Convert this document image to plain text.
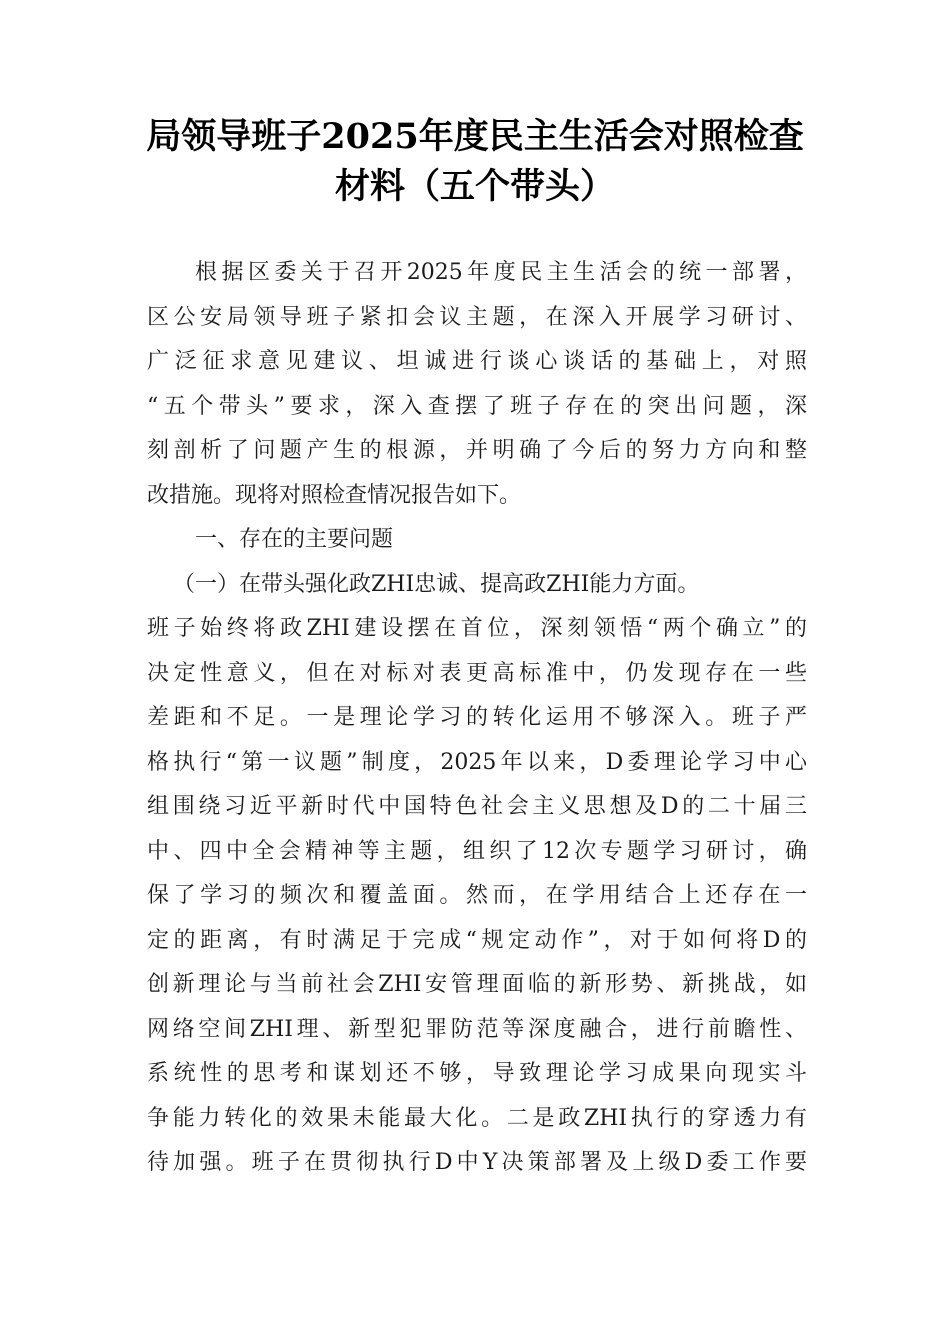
局领导班子2025年度民主生活会对照检查
材料（五个带头）
根据区委关于召开2025年度民主生活会的统一部署，
区公安局领导班子紧扣会议主题，在深入开展学习研讨、
广泛征求意见建议、坦诚进行谈心谈话的基础上，对照
“五个带头”要求，深入查摆了班子存在的突出问题，深
刻剖析了问题产生的根源，并明确了今后的努力方向和整
改措施。现将对照检查情况报告如下。
一、存在的主要问题
（一）在带头强化政ZHI忠诚、提高政ZHI能力方面。
班子始终将政ZHI建设摆在首位，深刻领悟“两个确立”的
决定性意义，但在对标对表更高标准中，仍发现存在一些
差距和不足。一是理论学习的转化运用不够深入。班子严
格执行“第一议题”制度，2025年以来，D委理论学习中心
组围绕习近平新时代中国特色社会主义思想及D的二十届三
中、四中全会精神等主题，组织了12次专题学习研讨，确
保了学习的频次和覆盖面。然而，在学用结合上还存在一
定的距离，有时满足于完成“规定动作”，对于如何将D的
创新理论与当前社会ZHI安管理面临的新形势、新挑战，如
网络空间ZHI理、新型犯罪防范等深度融合，进行前瞻性、
系统性的思考和谋划还不够，导致理论学习成果向现实斗
争能力转化的效果未能最大化。二是政ZHI执行的穿透力有
待加强。班子在贯彻执行D中Y决策部署及上级D委工作要
